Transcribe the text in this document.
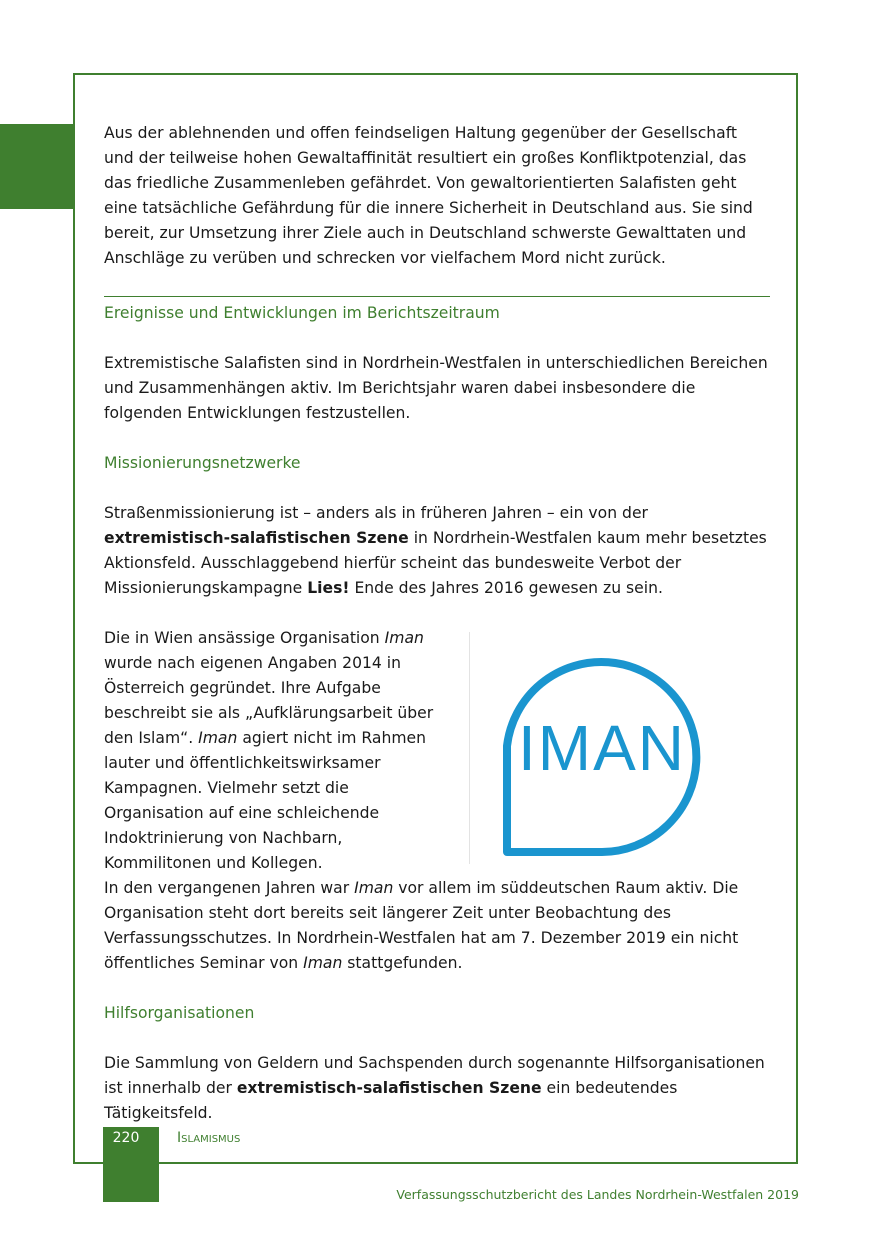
Aus der ablehnenden und offen feindseligen Haltung gegenüber der Gesellschaft und der teilweise hohen Gewaltaffinität resultiert ein großes Konfliktpotenzial, das das friedliche Zusammenleben gefährdet. Von gewaltorientierten Salafisten geht eine tatsächliche Gefährdung für die innere Sicherheit in Deutschland aus. Sie sind bereit, zur Umsetzung ihrer Ziele auch in Deutschland schwerste Gewalttaten und Anschläge zu verüben und schrecken vor vielfachem Mord nicht zurück.

Ereignisse und Entwicklungen im Berichtszeitraum

Extremistische Salafisten sind in Nordrhein-Westfalen in unterschiedlichen Bereichen und Zusammenhängen aktiv. Im Berichtsjahr waren dabei insbesondere die folgenden Entwicklungen festzustellen.

Missionierungsnetzwerke

Straßenmissionierung ist – anders als in früheren Jahren – ein von der extremistisch-salafistischen Szene in Nordrhein-Westfalen kaum mehr besetztes Aktionsfeld. Ausschlaggebend hierfür scheint das bundesweite Verbot der Missionierungskampagne Lies! Ende des Jahres 2016 gewesen zu sein.

Die in Wien ansässige Organisation Iman wurde nach eigenen Angaben 2014 in Österreich gegründet. Ihre Aufgabe beschreibt sie als „Aufklärungsarbeit über den Islam“. Iman agiert nicht im Rahmen lauter und öffentlichkeitswirksamer Kampagnen. Vielmehr setzt die Organisation auf eine schleichende Indoktrinierung von Nachbarn, Kommilitonen und Kollegen.

IMAN

In den vergangenen Jahren war Iman vor allem im süddeutschen Raum aktiv. Die Organisation steht dort bereits seit längerer Zeit unter Beobachtung des Verfassungsschutzes. In Nordrhein-Westfalen hat am 7. Dezember 2019 ein nicht öffentliches Seminar von Iman stattgefunden.

Hilfsorganisationen

Die Sammlung von Geldern und Sachspenden durch sogenannte Hilfsorganisationen ist innerhalb der extremistisch-salafistischen Szene ein bedeutendes Tätigkeitsfeld.

220	Islamismus
Verfassungsschutzbericht des Landes Nordrhein-Westfalen 2019
